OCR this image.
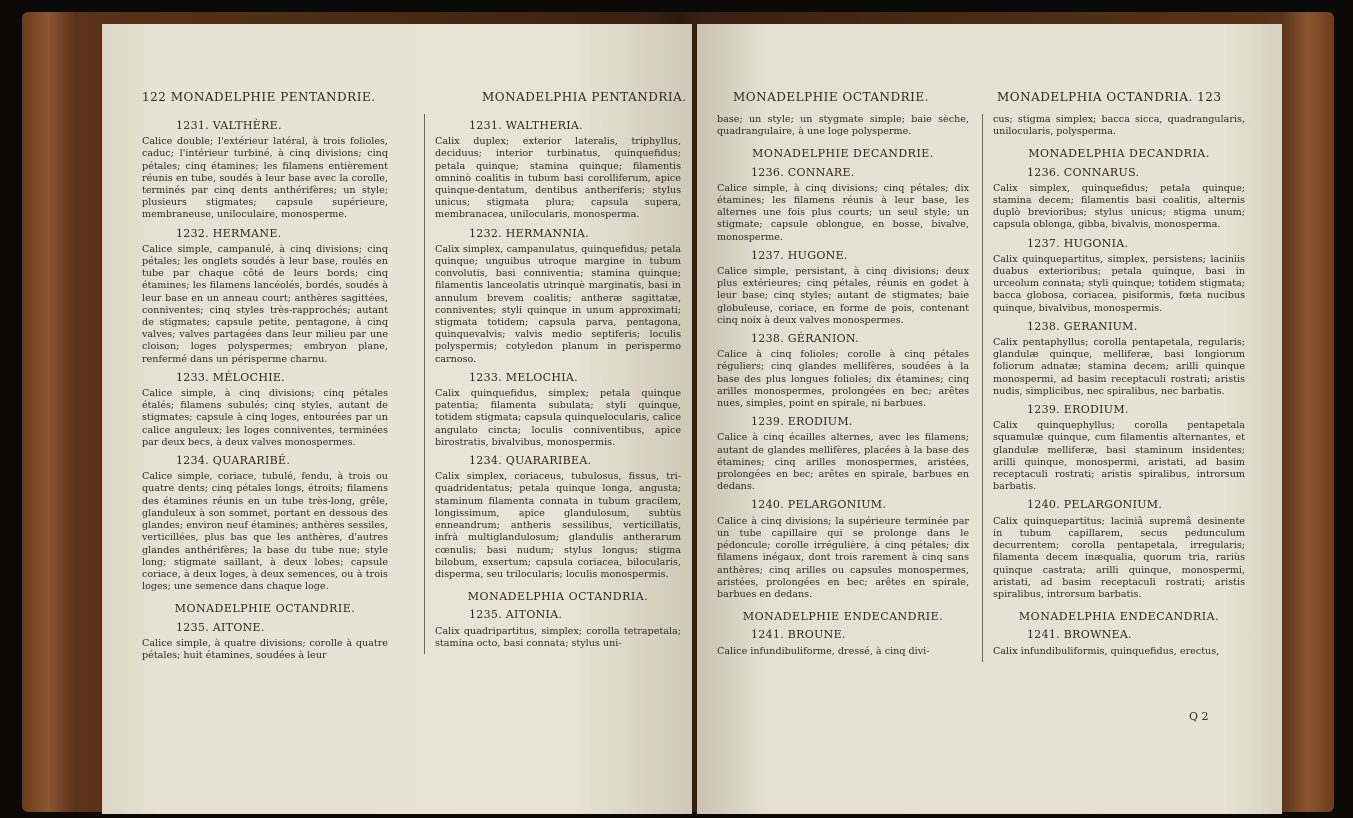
122 MONADELPHIE PENTANDRIE.	MONADELPHIA PENTANDRIA.
1231. VALTHÈRE.
Calice double; l'extérieur latéral, à trois folioles, caduc; l'intérieur turbiné, à cinq divisions; cinq pétales; cinq étamines; les filamens entièrement réunis en tube, soudés à leur base avec la corolle, terminés par cinq dents anthérifères; un style; plusieurs stigmates; capsule supérieure, membraneuse, uniloculaire, monosperme.
1232. HERMANE.
Calice simple, campanulé, à cinq divisions; cinq pétales; les onglets soudés à leur base, roulés en tube par chaque côté de leurs bords; cinq étamines; les filamens lancéolés, bordés, soudés à leur base en un anneau court; anthères sagittées, conniventes; cinq styles très-rapprochés; autant de stigmates; capsule petite, pentagone, à cinq valves; valves partagées dans leur milieu par une cloison; loges polyspermes; embryon plane, renfermé dans un périsperme charnu.
1233. MÉLOCHIE.
Calice simple, à cinq divisions; cinq pétales étalés; filamens subulés; cinq styles, autant de stigmates; capsule à cinq loges, entourées par un calice anguleux; les loges conniventes, terminées par deux becs, à deux valves monospermes.
1234. QUARARIBÉ.
Calice simple, coriace, tubulé, fendu, à trois ou quatre dents; cinq pétales longs, étroits; filamens des étamines réunis en un tube très-long, grêle, glanduleux à son sommet, portant en dessous des glandes; environ neuf étamines; anthères sessiles, verticillées, plus bas que les anthères, d'autres glandes anthérifères; la base du tube nue; style long; stigmate saillant, à deux lobes; capsule coriace, à deux loges, à deux semences, ou à trois loges; une semence dans chaque loge.
MONADELPHIE OCTANDRIE.
1235. AITONE.
Calice simple, à quatre divisions; corolle à quatre pétales; huit étamines, soudées à leur
1231. WALTHERIA.
Calix duplex; exterior lateralis, triphyllus, deciduus; interior turbinatus, quinquefidus; petala quinque; stamina quinque; filamentis omninò coalitis in tubum basi corolliferum, apice quinque-dentatum, dentibus antheriferis; stylus unicus; stigmata plura; capsula supera, membranacea, unilocularis, monosperma.
1232. HERMANNIA.
Calix simplex, campanulatus, quinquefidus; petala quinque; unguibus utroque margine in tubum convolutis, basi conniventia; stamina quinque; filamentis lanceolatis utrinquè marginatis, basi in annulum brevem coalitis; antheræ sagittatæ, conniventes; styli quinque in unum approximati; stigmata totidem; capsula parva, pentagona, quinquevalvis; valvis medio septiferis; loculis polyspermis; cotyledon planum in perispermo carnoso.
1233. MELOCHIA.
Calix quinquefidus, simplex; petala quinque patentia; filamenta subulata; styli quinque, totidem stigmata; capsula quinquelocularis, calice angulato cincta; loculis conniventibus, apice birostratis, bivalvibus, monospermis.
1234. QUARARIBEA.
Calix simplex, coriaceus, tubulosus, fissus, tri-quadridentatus; petala quinque longa, angusta; staminum filamenta connata in tubum gracilem, longissimum, apice glandulosum, subtùs enneandrum; antheris sessilibus, verticillatis, infrà multiglandulosum; glandulis antherarum cœnulis; basi nudum; stylus longus; stigma bilobum, exsertum; capsula coriacea, bilocularis, disperma, seu trilocularis; loculis monospermis.
MONADELPHIA OCTANDRIA.
1235. AITONIA.
Calix quadripartitus, simplex; corolla tetrapetala; stamina octo, basi connata; stylus uni-
MONADELPHIE OCTANDRIE.	MONADELPHIA OCTANDRIA. 123
base; un style; un stygmate simple; baie sèche, quadrangulaire, à une loge polysperme.
MONADELPHIE DECANDRIE.
1236. CONNARE.
Calice simple, à cinq divisions; cinq pétales; dix étamines; les filamens réunis à leur base, les alternes une fois plus courts; un seul style; un stigmate; capsule oblongue, en bosse, bivalve, monosperme.
1237. HUGONE.
Calice simple, persistant, à cinq divisions; deux plus extérieures; cinq pétales, réunis en godet à leur base; cinq styles; autant de stigmates; baie globuleuse, coriace, en forme de pois, contenant cinq noix à deux valves monospermes.
1238. GÉRANION.
Calice à cinq folioles; corolle à cinq pétales réguliers; cinq glandes mellifères, soudées à la base des plus longues folioles; dix étamines; cinq arilles monospermes, prolongées en bec; arêtes nues, simples, point en spirale, ni barbues.
1239. ERODIUM.
Calice à cinq écailles alternes, avec les filamens; autant de glandes mellifères, placées à la base des étamines; cinq arilles monospermes, aristées, prolongées en bec; arêtes en spirale, barbues en dedans.
1240. PELARGONIUM.
Calice à cinq divisions; la supérieure terminée par un tube capillaire qui se prolonge dans le pédoncule; corolle irrégulière, à cinq pétales; dix filamens inégaux, dont trois rarement à cinq sans anthères; cinq arilles ou capsules monospermes, aristées, prolongées en bec; arêtes en spirale, barbues en dedans.
MONADELPHIE ENDECANDRIE.
1241. BROUNE.
Calice infundibuliforme, dressé, à cinq divi-
cus; stigma simplex; bacca sicca, quadrangularis, unilocularis, polysperma.
MONADELPHIA DECANDRIA.
1236. CONNARUS.
Calix simplex, quinquefidus; petala quinque; stamina decem; filamentis basi coalitis, alternis duplò brevioribus; stylus unicus; stigma unum; capsula oblonga, gibba, bivalvis, monosperma.
1237. HUGONIA.
Calix quinquepartitus, simplex, persistens; laciniis duabus exterioribus; petala quinque, basi in urceolum connata; styli quinque; totidem stigmata; bacca globosa, coriacea, pisiformis, fœta nucibus quinque, bivalvibus, monospermis.
1238. GERANIUM.
Calix pentaphyllus; corolla pentapetala, regularis; glandulæ quinque, melliferæ, basi longiorum foliorum adnatæ; stamina decem; arilli quinque monospermi, ad basim receptaculi rostrati; aristis nudis, simplicibus, nec spiralibus, nec barbatis.
1239. ERODIUM.
Calix quinquephyllus; corolla pentapetala squamulæ quinque, cum filamentis alternantes, et glandulæ melliferæ, basi staminum insidentes; arilli quinque, monospermi, aristati, ad basim receptaculi rostrati; aristis spiralibus, introrsum barbatis.
1240. PELARGONIUM.
Calix quinquepartitus; laciniâ supremâ desinente in tubum capillarem, secus pedunculum decurrentem; corolla pentapetala, irregularis; filamenta decem inæqualia, quorum tria, rariùs quinque castrata; arilli quinque, monospermi, aristati, ad basim receptaculi rostrati; aristis spiralibus, introrsum barbatis.
MONADELPHIA ENDECANDRIA.
1241. BROWNEA.
Calix infundibuliformis, quinquefidus, erectus,
Q 2
